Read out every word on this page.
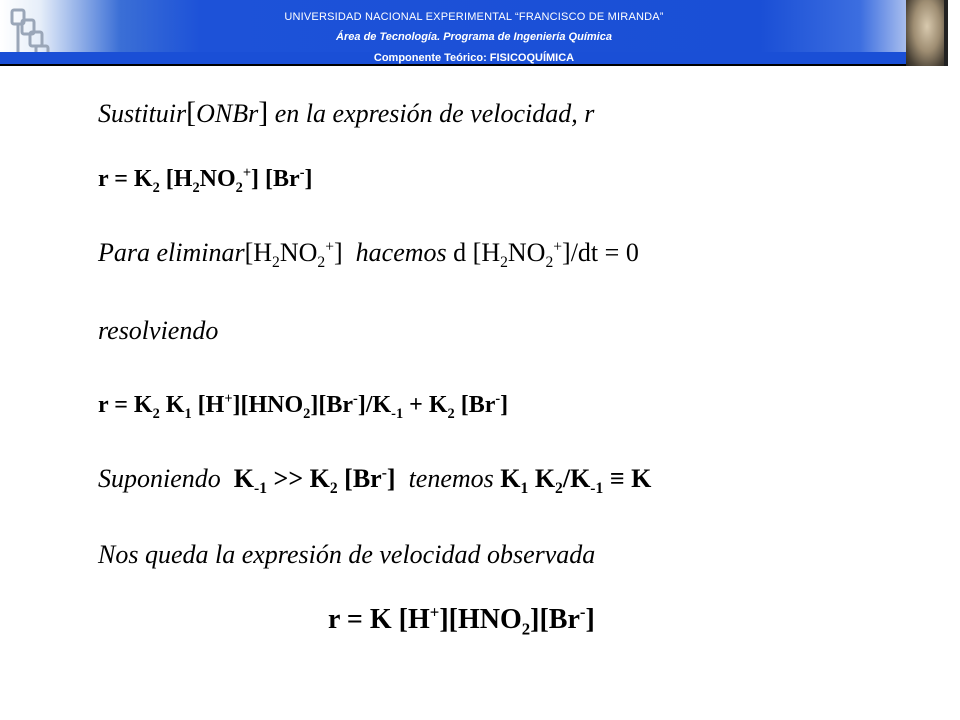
UNIVERSIDAD NACIONAL EXPERIMENTAL “FRANCISCO DE MIRANDA”
Área de Tecnología. Programa de Ingeniería Química
Componente Teórico: FISICOQUÍMICA
Sustituir[ONBr] en la expresión de velocidad, r
$r = K_2$ $[H_2NO_2^+]$ [Br-]
Para $eliminar[H_2NO_2^+]$  hacemos d $[H_2NO_2^+]/dt = 0$
resolviendo
$r = K_2$ $K_1$ $[H^+][HNO_2][Br^-]/K_{-1} + K_2$ [Br-]
Suponiendo  $K_{-1} >> K_2$ [Br-]  tenemos $K_1$ $K_2/K_{-1} \equiv K$
Nos queda la expresión de velocidad observada
r = K $[H^+][HNO_2][Br^-]$
